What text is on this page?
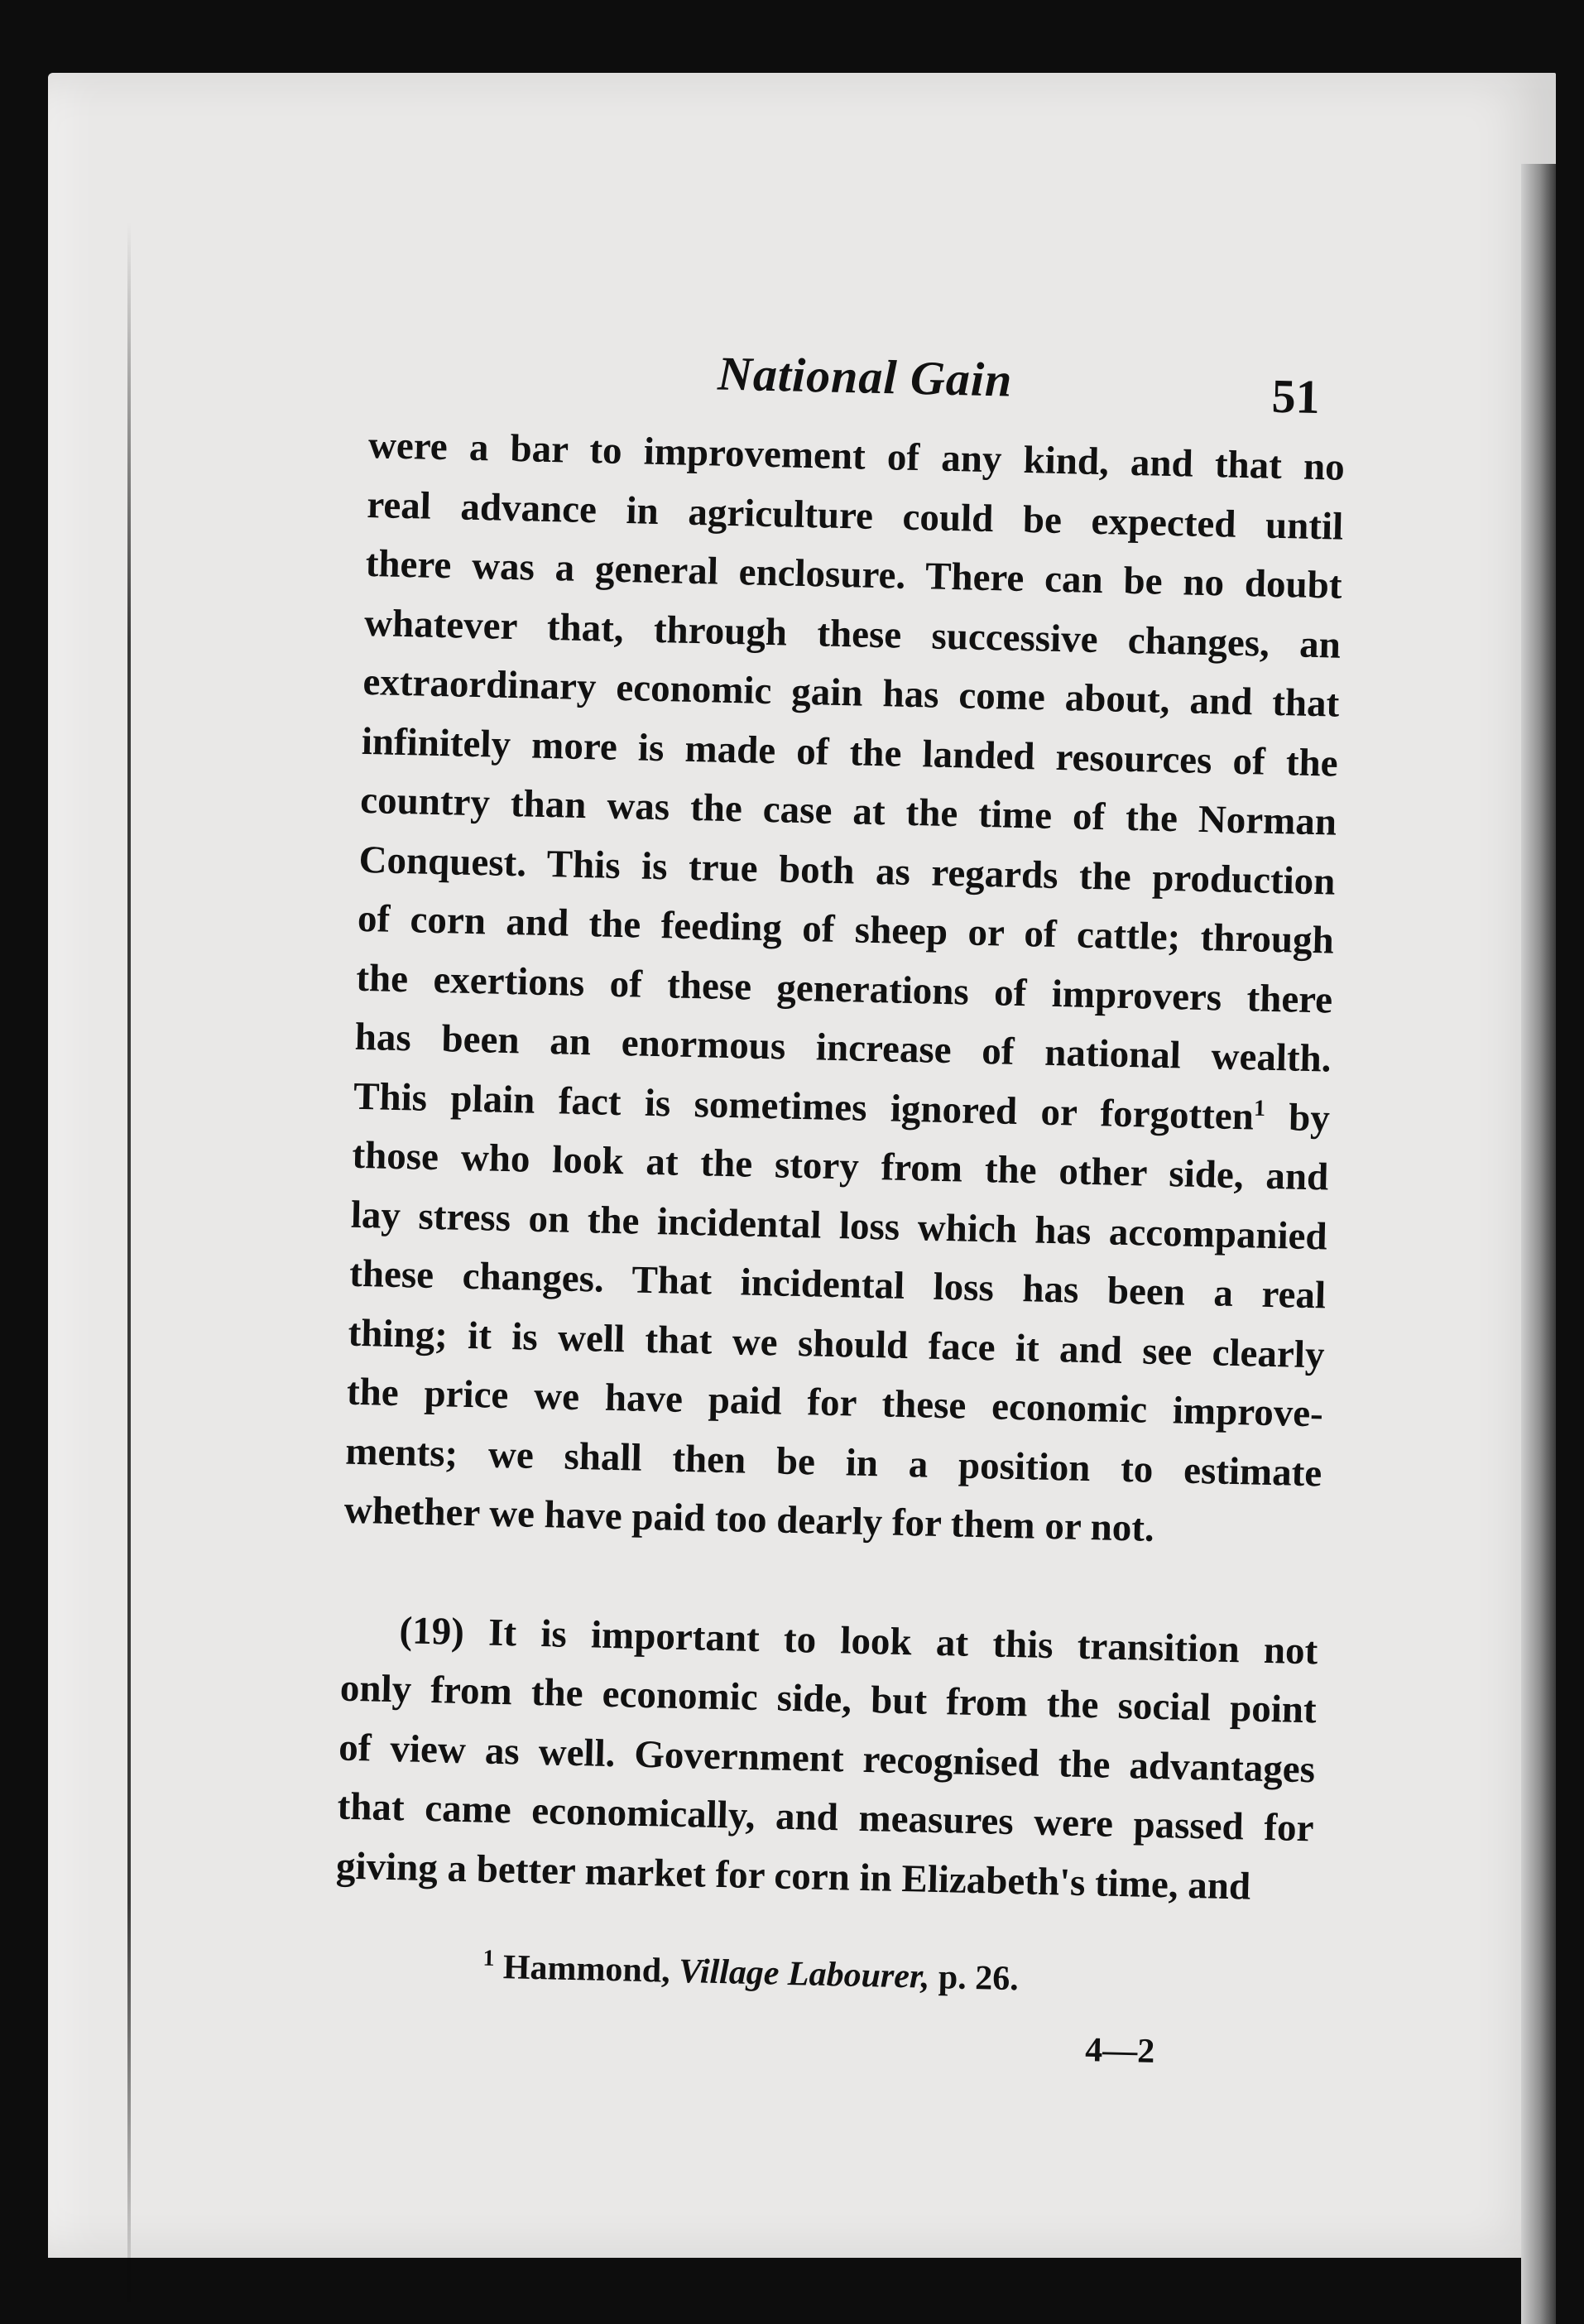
National Gain	51
were a bar to improvement of any kind, and that no
real advance in agriculture could be expected until
there was a general enclosure. There can be no doubt
whatever that, through these successive changes, an
extraordinary economic gain has come about, and that
infinitely more is made of the landed resources of the
country than was the case at the time of the Norman
Conquest. This is true both as regards the production
of corn and the feeding of sheep or of cattle; through
the exertions of these generations of improvers there
has been an enormous increase of national wealth.
This plain fact is sometimes ignored or forgotten$^1$ by
those who look at the story from the other side, and
lay stress on the incidental loss which has accompanied
these changes. That incidental loss has been a real
thing; it is well that we should face it and see clearly
the price we have paid for these economic improve-
ments; we shall then be in a position to estimate
whether we have paid too dearly for them or not.
(19) It is important to look at this transition not
only from the economic side, but from the social point
of view as well. Government recognised the advantages
that came economically, and measures were passed for
giving a better market for corn in Elizabeth's time, and
$^1$ Hammond, Village Labourer, p. 26.
4—2
